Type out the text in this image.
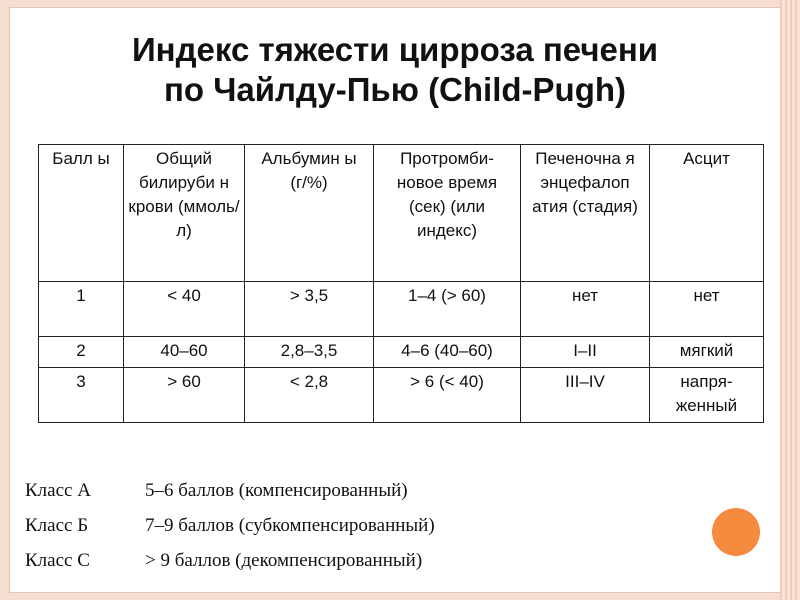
Индекс тяжести цирроза печени
по Чайлду-Пью (Child-Pugh)
Балл ы	Общий билируби н крови (ммоль/л)	Альбумин ы (г/%)	Протромби-новое время (сек) (или индекс)	Печеночна я энцефалоп атия (стадия)	Асцит
1	< 40	> 3,5	1–4 (> 60)	нет	нет
2	40–60	2,8–3,5	4–6 (40–60)	I–II	мягкий
3	> 60	< 2,8	> 6 (< 40)	III–IV	напря-женный
Класс А	5–6 баллов (компенсированный)
Класс Б	7–9 баллов (субкомпенсированный)
Класс С	> 9 баллов (декомпенсированный)
